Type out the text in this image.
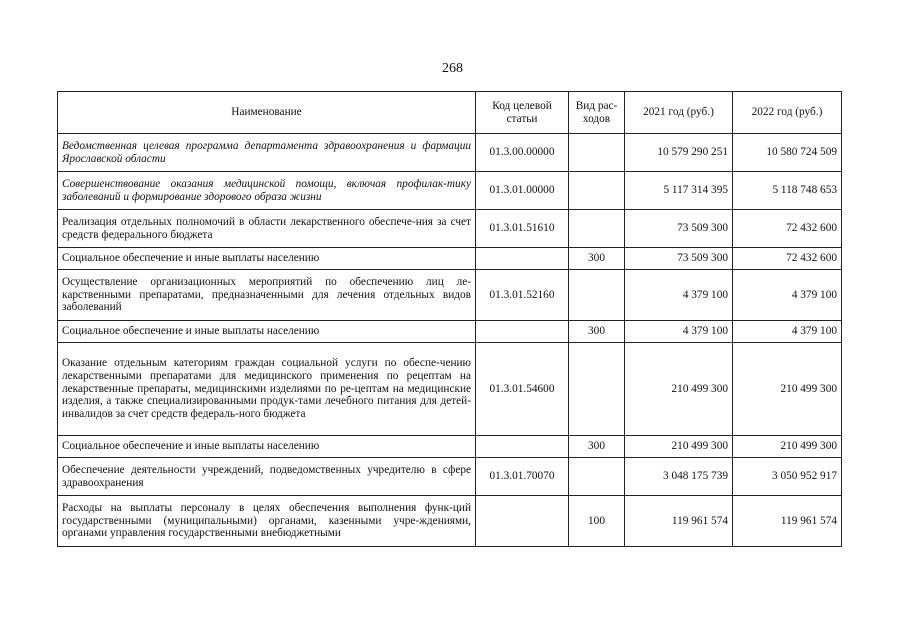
268
Наименование	Код целевой статьи	Вид рас-ходов	2021 год (руб.)	2022 год (руб.)
Ведомственная целевая программа департамента здравоохранения и фармации Ярославской области	01.3.00.00000		10 579 290 251	10 580 724 509
Совершенствование оказания медицинской помощи, включая профилак-тику заболеваний и формирование здорового образа жизни	01.3.01.00000		5 117 314 395	5 118 748 653
Реализация отдельных полномочий в области лекарственного обеспече-ния за счет средств федерального бюджета	01.3.01.51610		73 509 300	72 432 600
Социальное обеспечение и иные выплаты населению		300	73 509 300	72 432 600
Осуществление организационных мероприятий по обеспечению лиц ле-карственными препаратами, предназначенными для лечения отдельных видов заболеваний	01.3.01.52160		4 379 100	4 379 100
Социальное обеспечение и иные выплаты населению		300	4 379 100	4 379 100
Оказание отдельным категориям граждан социальной услуги по обеспе-чению лекарственными препаратами для медицинского применения по рецептам на лекарственные препараты, медицинскими изделиями по ре-цептам на медицинские изделия, а также специализированными продук-тами лечебного питания для детей-инвалидов за счет средств федераль-ного бюджета	01.3.01.54600		210 499 300	210 499 300
Социальное обеспечение и иные выплаты населению		300	210 499 300	210 499 300
Обеспечение деятельности учреждений, подведомственных учредителю в сфере здравоохранения	01.3.01.70070		3 048 175 739	3 050 952 917
Расходы на выплаты персоналу в целях обеспечения выполнения функ-ций государственными (муниципальными) органами, казенными учре-ждениями, органами управления государственными внебюджетными		100	119 961 574	119 961 574
